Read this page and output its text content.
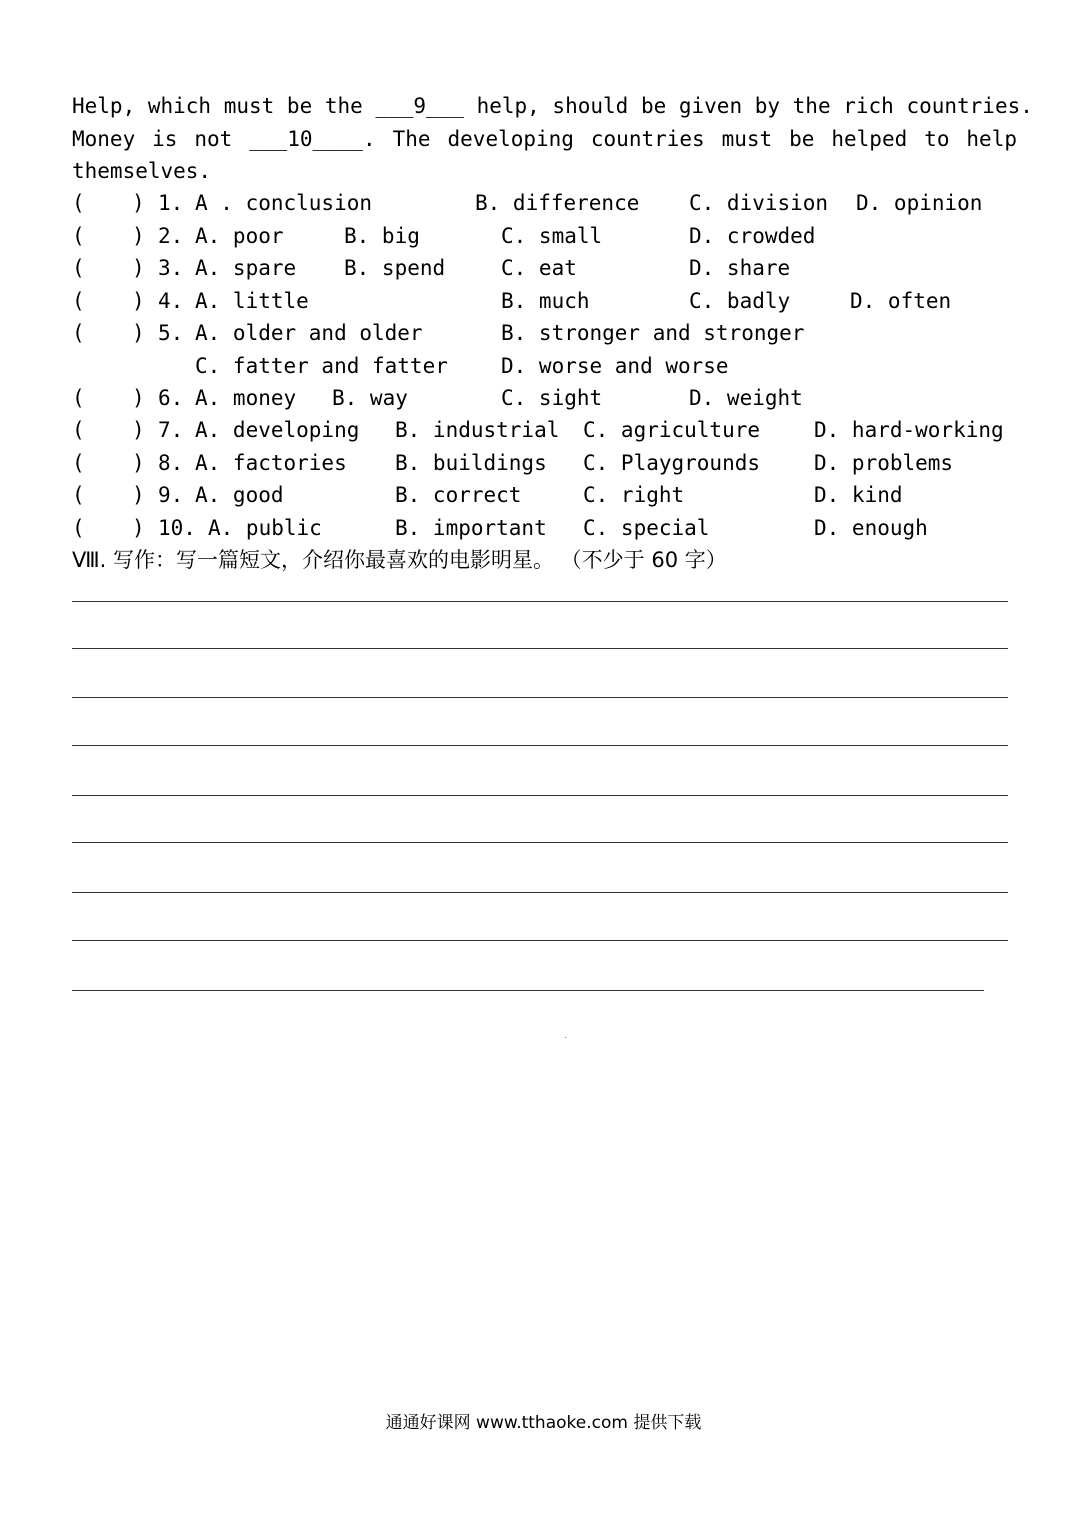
Help, which must be the ___9___ help, should be given by the rich countries.
Money is not ___10____. The developing countries must be helped to help
themselves.
( ) 1. A . conclusion	B. difference C. division D. opinion
( ) 2. A. poor	B. big	C. small	D. crowded
( ) 3. A. spare B. spend	C. eat	D. share
( ) 4. A. little	B. much	C. badly	D. often
( ) 5. A. older and older	B. stronger and stronger
C. fatter and fatter	D. worse and worse
( ) 6. A. money B. way	C. sight	D. weight
( ) 7. A. developing B. industrial C. agriculture	D. hard-working
( ) 8. A. factories B. buildings C. Playgrounds	D. problems
( ) 9. A. good	B. correct	C. right	D. kind
( ) 10. A. public	B. important C. special	D. enough
Ⅷ. 写作：写一篇短文，介绍你最喜欢的电影明星。 （不少于 60 字）
通通好课网 www.tthaoke.com 提供下载
